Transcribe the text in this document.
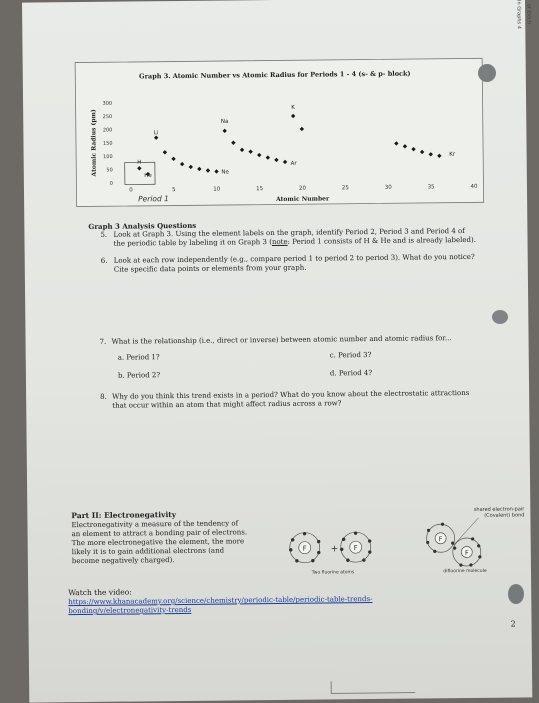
In Graphs 4 of Electr
Graph 3. Atomic Number vs Atomic Radius for Periods 1 - 4 (s- & p- block)
Atomic Radius (pm)
Atomic Number
0
50
100
150
200
250
300
0	5	10	15	20	25	30	35	40
H
He
Li
Ne
Na
Ar
K
Kr
Period 1
Graph 3 Analysis Questions
5. Look at Graph 3. Using the element labels on the graph, identify Period 2, Period 3 and Period 4 of
the periodic table by labeling it on Graph 3 (note: Period 1 consists of H & He and is already labeled).
6. Look at each row independently (e.g., compare period 1 to period 2 to period 3). What do you notice?
Cite specific data points or elements from your graph.
7. What is the relationship (i.e., direct or inverse) between atomic number and atomic radius for...
a. Period 1?
b. Period 2?
c. Period 3?
d. Period 4?
8. Why do you think this trend exists in a period? What do you know about the electrostatic attractions
that occur within an atom that might affect radius across a row?
Part II: Electronegativity
Electronegativity a measure of the tendency of
an element to attract a bonding pair of electrons.
The more electronegative the element, the more
likely it is to gain additional electrons (and
become negatively charged).
F	+ F
Two fluorine atoms
F
F
difluorine molecule
shared electron-pair
(Covalent) bond
Watch the video:
https://www.khanacademy.org/science/chemistry/periodic-table/periodic-table-trends-
bonding/v/electronegativity-trends
2
